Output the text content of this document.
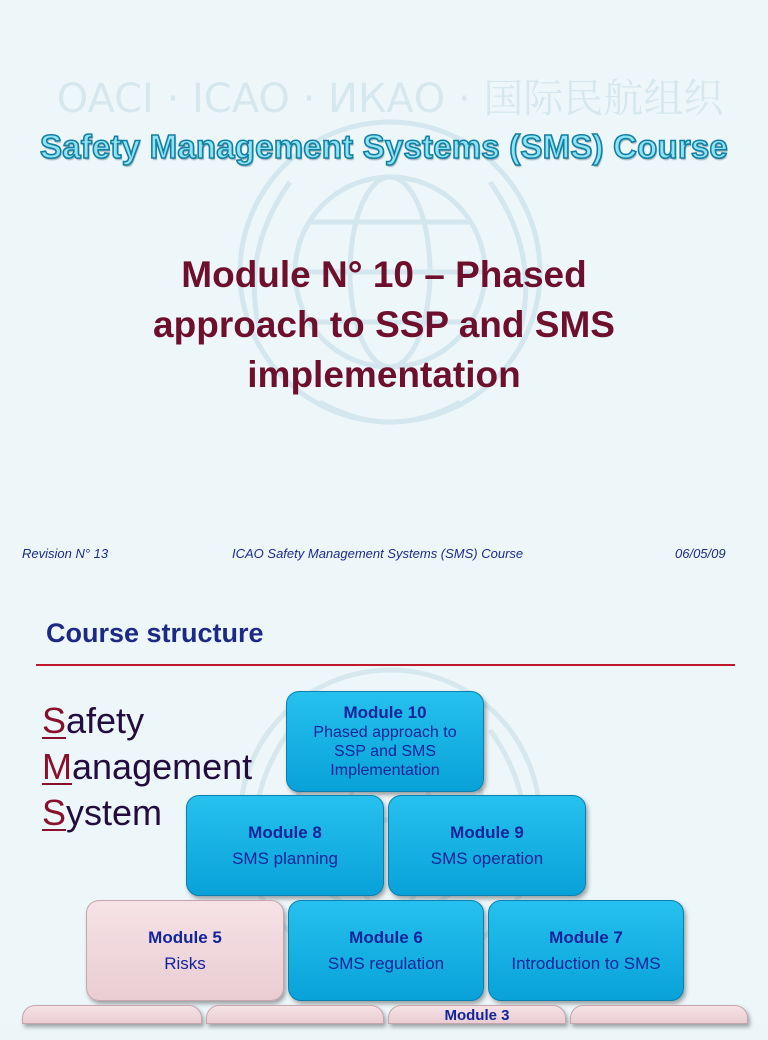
OACI · ICAO · ИКАО · 国际民航组织
Safety Management Systems (SMS) Course
Module N° 10 – Phased
approach to SSP and SMS
implementation
Revision N° 13	ICAO Safety Management Systems (SMS) Course	06/05/09
Course structure
Safety
Management
System
Module 10
Phased approach to
SSP and SMS
Implementation
Module 8
SMS planning
Module 9
SMS operation
Module 5
Risks
Module 6
SMS regulation
Module 7
Introduction to SMS
Module 3
